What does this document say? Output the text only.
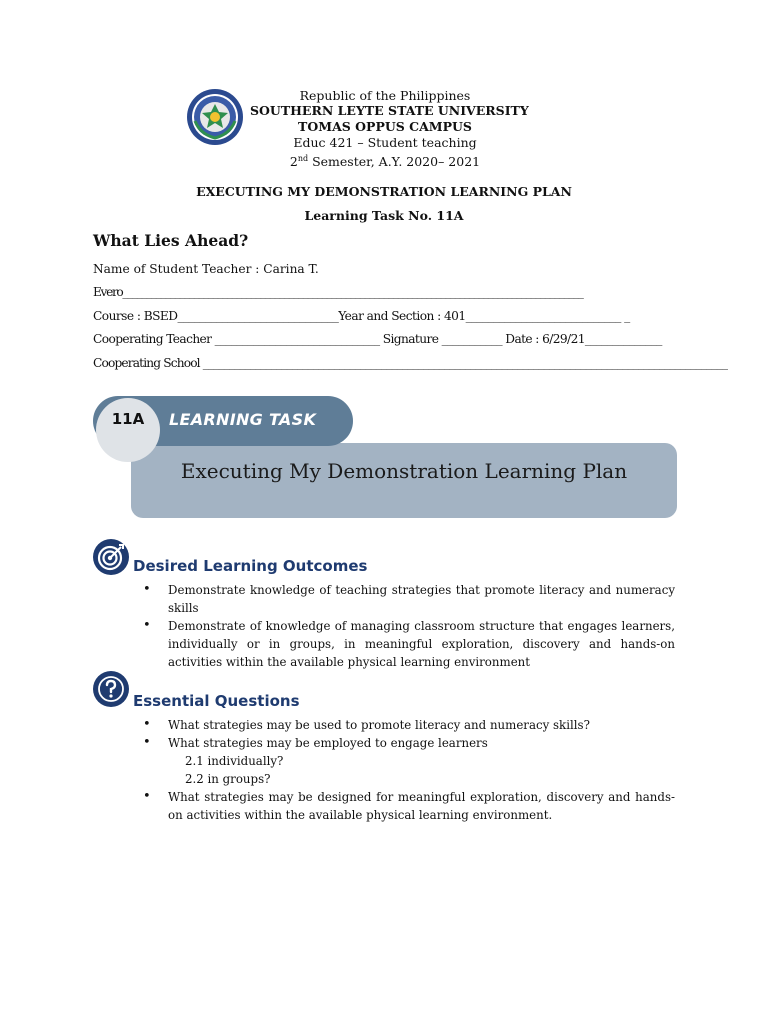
Republic of the Philippines
SOUTHERN LEYTE STATE UNIVERSITY
TOMAS OPPUS CAMPUS
Educ 421 – Student teaching
2nd Semester, A.Y. 2020– 2021
EXECUTING MY DEMONSTRATION LEARNING PLAN
Learning Task No. 11A
What Lies Ahead?
Name of Student Teacher : Carina T.
Evero_________________________________________________________________________________________________
Course : BSED_____________________________Year and Section : 401____________________________ _
Cooperating Teacher ______________________________ Signature ___________ Date : 6/29/21______________
Cooperating School ____________________________________________________________________________________________________
11A	LEARNING TASK
Executing My Demonstration Learning Plan
Desired Learning Outcomes
• Demonstrate knowledge of teaching strategies that promote literacy and numeracy skills
• Demonstrate of knowledge of managing classroom structure that engages learners, individually or in groups, in meaningful exploration, discovery and hands-on activities within the available physical learning environment
Essential Questions
• What strategies may be used to promote literacy and numeracy skills?
• What strategies may be employed to engage learners
2.1 individually?
2.2 in groups?
• What strategies may be designed for meaningful exploration, discovery and hands-on activities within the available physical learning environment.
